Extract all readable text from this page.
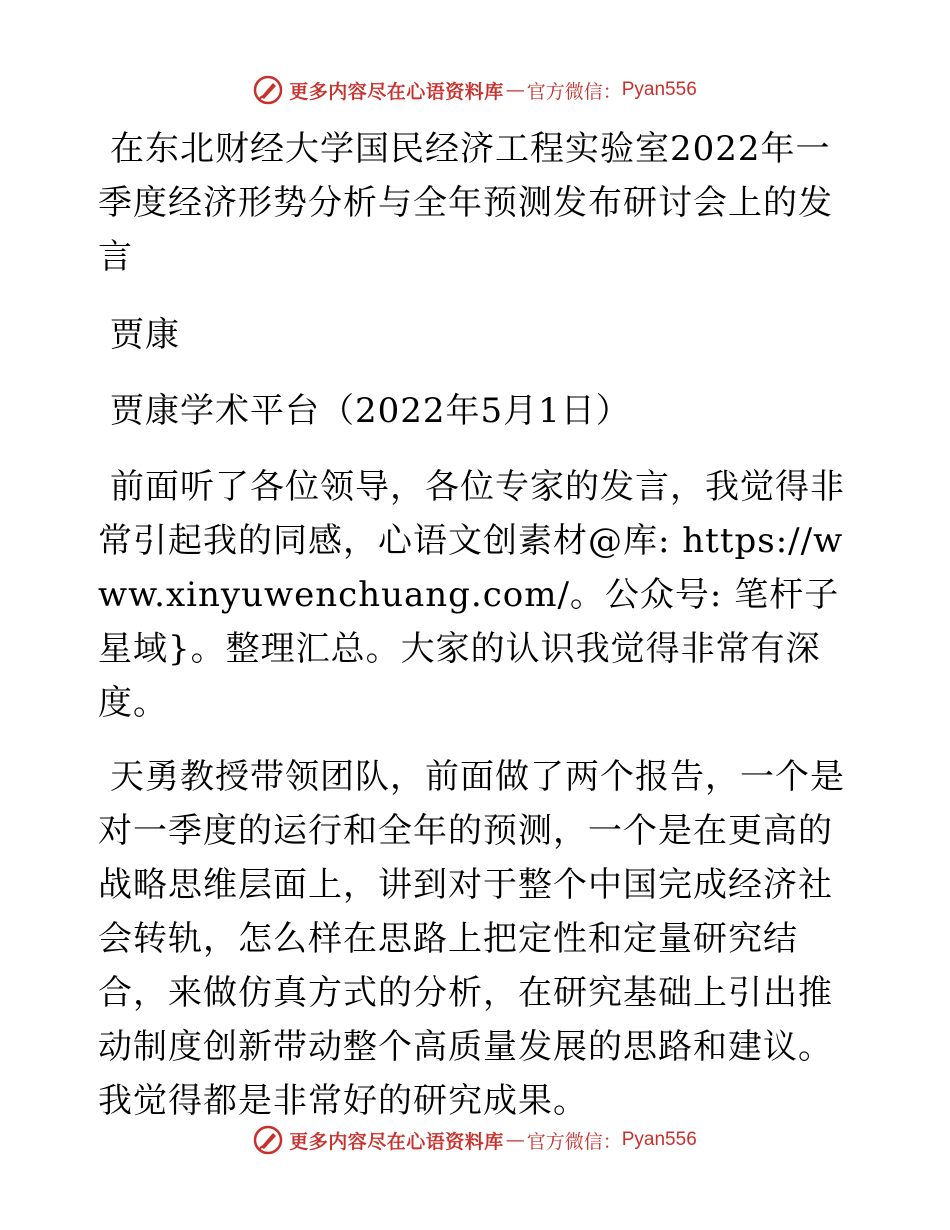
更多内容尽在心语资料库 — 官方微信： Pyan556

在东北财经大学国民经济工程实验室2022年一季度经济形势分析与全年预测发布研讨会上的发言

贾康

贾康学术平台（2022年5月1日）

前面听了各位领导，各位专家的发言，我觉得非常引起我的同感，心语文创素材@库: https://www.xinyuwenchuang.com/。公众号: 笔杆子星域}。整理汇总。大家的认识我觉得非常有深度。

天勇教授带领团队，前面做了两个报告，一个是对一季度的运行和全年的预测，一个是在更高的战略思维层面上，讲到对于整个中国完成经济社会转轨，怎么样在思路上把定性和定量研究结合，来做仿真方式的分析，在研究基础上引出推动制度创新带动整个高质量发展的思路和建议。我觉得都是非常好的研究成果。

更多内容尽在心语资料库 — 官方微信： Pyan556
